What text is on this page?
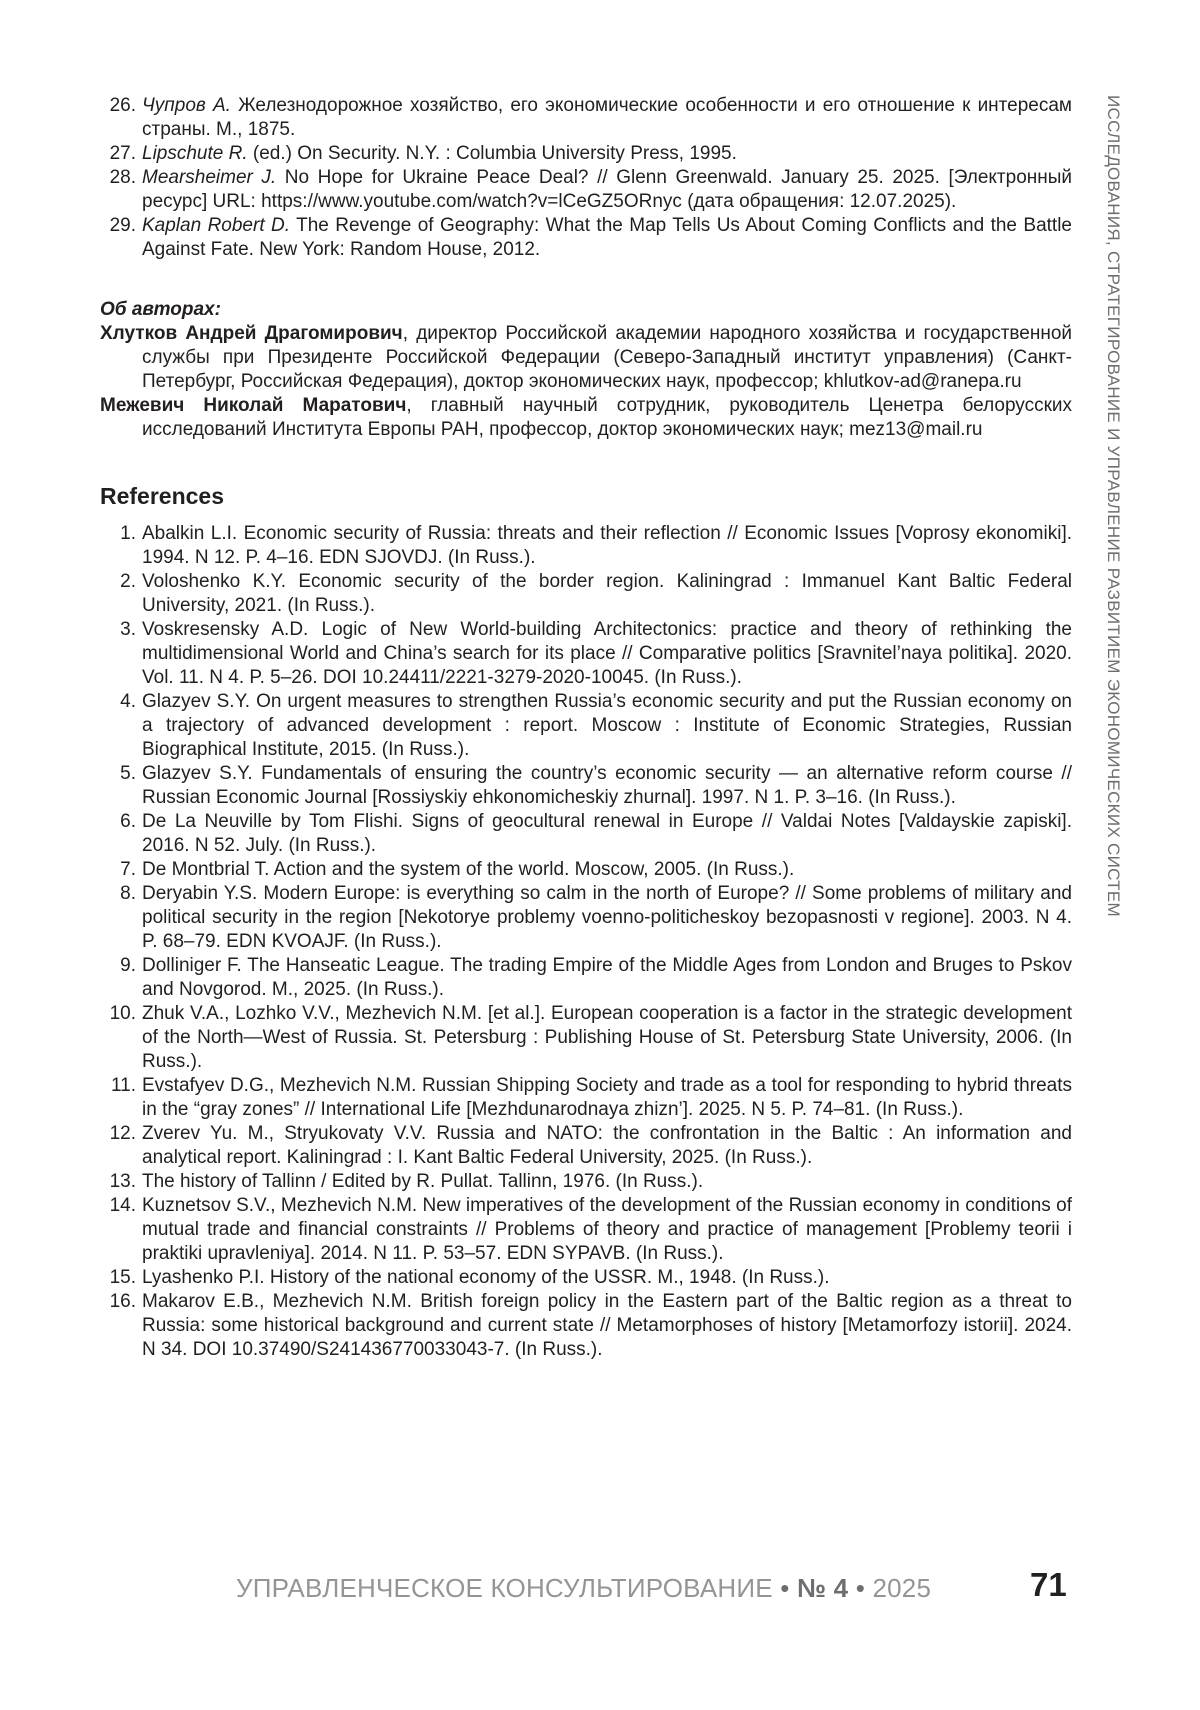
ИССЛЕДОВАНИЯ, СТРАТЕГИРОВАНИЕ И УПРАВЛЕНИЕ РАЗВИТИЕМ ЭКОНОМИЧЕСКИХ СИСТЕМ
26. Чупров А. Железнодорожное хозяйство, его экономические особенности и его отношение к интересам страны. М., 1875.
27. Lipschute R. (ed.) On Security. N.Y. : Columbia University Press, 1995.
28. Mearsheimer J. No Hope for Ukraine Peace Deal? // Glenn Greenwald. January 25. 2025. [Электронный ресурс] URL: https://www.youtube.com/watch?v=lCeGZ5ORnyc (дата обращения: 12.07.2025).
29. Kaplan Robert D. The Revenge of Geography: What the Map Tells Us About Coming Conflicts and the Battle Against Fate. New York: Random House, 2012.
Об авторах:
Хлутков Андрей Драгомирович, директор Российской академии народного хозяйства и государственной службы при Президенте Российской Федерации (Северо-Западный институт управления) (Санкт-Петербург, Российская Федерация), доктор экономических наук, профессор; khlutkov-ad@ranepa.ru
Межевич Николай Маратович, главный научный сотрудник, руководитель Ценетра белорусских исследований Института Европы РАН, профессор, доктор экономических наук; mez13@mail.ru
References
1. Abalkin L.I. Economic security of Russia: threats and their reflection // Economic Issues [Voprosy ekonomiki]. 1994. N 12. P. 4–16. EDN SJOVDJ. (In Russ.).
2. Voloshenko K.Y. Economic security of the border region. Kaliningrad : Immanuel Kant Baltic Federal University, 2021. (In Russ.).
3. Voskresensky A.D. Logic of New World-building Architectonics: practice and theory of rethinking the multidimensional World and China’s search for its place // Comparative politics [Sravnitel’naya politika]. 2020. Vol. 11. N 4. P. 5–26. DOI 10.24411/2221-3279-2020-10045. (In Russ.).
4. Glazyev S.Y. On urgent measures to strengthen Russia’s economic security and put the Russian economy on a trajectory of advanced development : report. Moscow : Institute of Economic Strategies, Russian Biographical Institute, 2015. (In Russ.).
5. Glazyev S.Y. Fundamentals of ensuring the country’s economic security — an alternative reform course // Russian Economic Journal [Rossiyskiy ehkonomicheskiy zhurnal]. 1997. N 1. P. 3–16. (In Russ.).
6. De La Neuville by Tom Flishi. Signs of geocultural renewal in Europe // Valdai Notes [Valdayskie zapiski]. 2016. N 52. July. (In Russ.).
7. De Montbrial T. Action and the system of the world. Moscow, 2005. (In Russ.).
8. Deryabin Y.S. Modern Europe: is everything so calm in the north of Europe? // Some problems of military and political security in the region [Nekotorye problemy voenno-politicheskoy bezopasnosti v regione]. 2003. N 4. P. 68–79. EDN KVOAJF. (In Russ.).
9. Dolliniger F. The Hanseatic League. The trading Empire of the Middle Ages from London and Bruges to Pskov and Novgorod. M., 2025. (In Russ.).
10. Zhuk V.A., Lozhko V.V., Mezhevich N.M. [et al.]. European cooperation is a factor in the strategic development of the North—West of Russia. St. Petersburg : Publishing House of St. Petersburg State University, 2006. (In Russ.).
11. Evstafyev D.G., Mezhevich N.M. Russian Shipping Society and trade as a tool for responding to hybrid threats in the “gray zones” // International Life [Mezhdunarodnaya zhizn’]. 2025. N 5. P. 74–81. (In Russ.).
12. Zverev Yu. M., Stryukovaty V.V. Russia and NATO: the confrontation in the Baltic : An information and analytical report. Kaliningrad : I. Kant Baltic Federal University, 2025. (In Russ.).
13. The history of Tallinn / Edited by R. Pullat. Tallinn, 1976. (In Russ.).
14. Kuznetsov S.V., Mezhevich N.M. New imperatives of the development of the Russian economy in conditions of mutual trade and financial constraints // Problems of theory and practice of management [Problemy teorii i praktiki upravleniya]. 2014. N 11. P. 53–57. EDN SYPAVB. (In Russ.).
15. Lyashenko P.I. History of the national economy of the USSR. M., 1948. (In Russ.).
16. Makarov E.B., Mezhevich N.M. British foreign policy in the Eastern part of the Baltic region as a threat to Russia: some historical background and current state // Metamorphoses of history [Metamorfozy istorii]. 2024. N 34. DOI 10.37490/S241436770033043-7. (In Russ.).
УПРАВЛЕНЧЕСКОЕ КОНСУЛЬТИРОВАНИЕ • № 4 • 2025	71
